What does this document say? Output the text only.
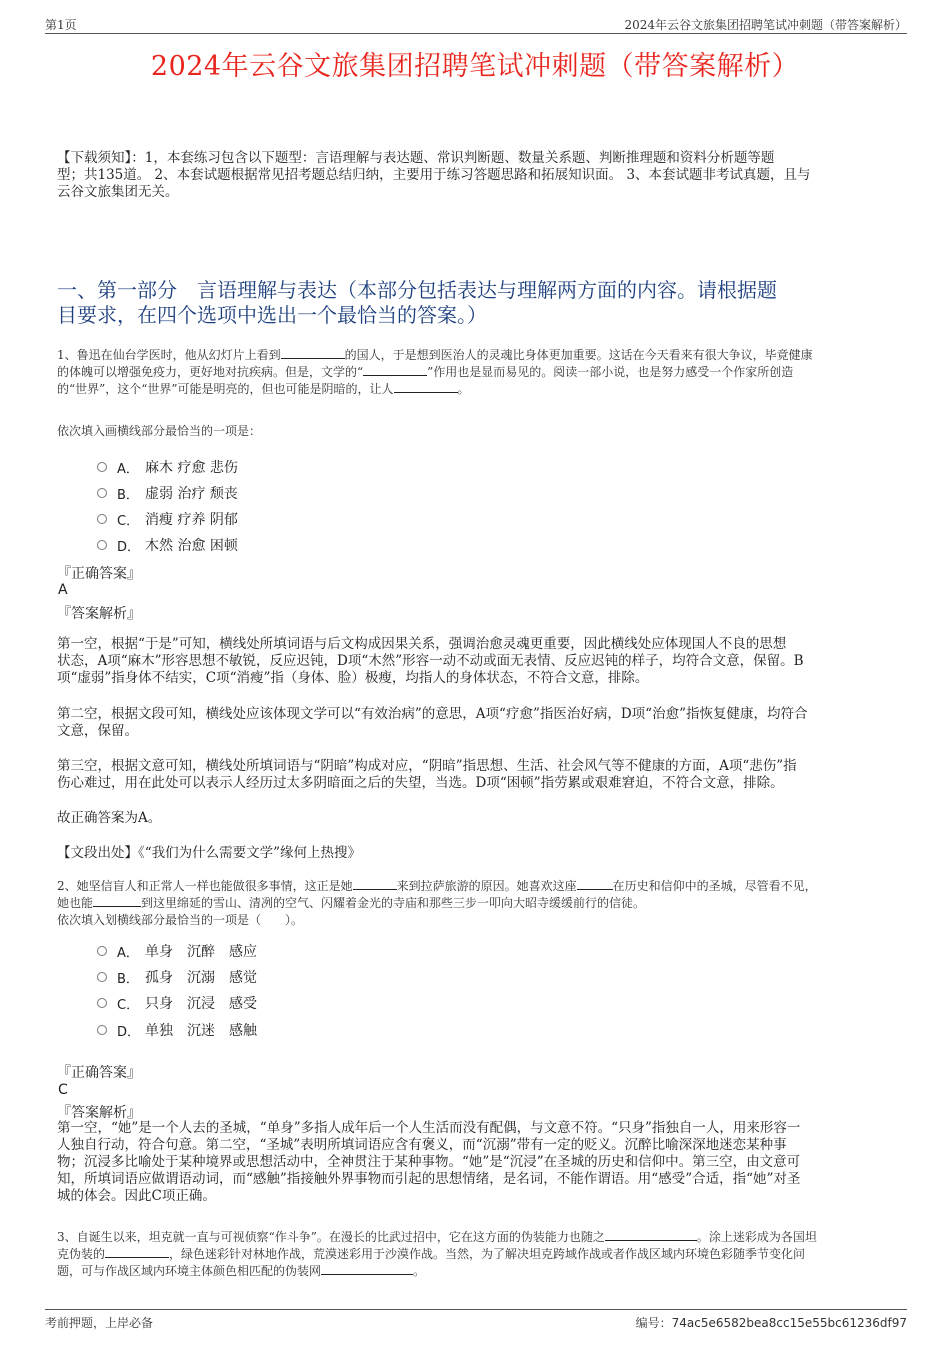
第1页	2024年云谷文旅集团招聘笔试冲刺题（带答案解析）
2024年云谷文旅集团招聘笔试冲刺题（带答案解析）
【下载须知】：1，本套练习包含以下题型：言语理解与表达题、常识判断题、数量关系题、判断推理题和资料分析题等题
型；共135道。 2、本套试题根据常见招考题总结归纳，主要用于练习答题思路和拓展知识面。 3、本套试题非考试真题，且与
云谷文旅集团无关。
一、第一部分　言语理解与表达（本部分包括表达与理解两方面的内容。请根据题
目要求，在四个选项中选出一个最恰当的答案。）
1、鲁迅在仙台学医时，他从幻灯片上看到	的国人，于是想到医治人的灵魂比身体更加重要。这话在今天看来有很大争议，毕竟健康
的体魄可以增强免疫力，更好地对抗疾病。但是，文学的“	”作用也是显而易见的。阅读一部小说，也是努力感受一个作家所创造
的“世界”，这个“世界”可能是明亮的，但也可能是阴暗的，让人	。
依次填入画横线部分最恰当的一项是：
A． 麻木 疗愈 悲伤
B． 虚弱 治疗 颓丧
C． 消瘦 疗养 阴郁
D． 木然 治愈 困顿
『正确答案』
A
『答案解析』
第一空，根据“于是”可知，横线处所填词语与后文构成因果关系，强调治愈灵魂更重要，因此横线处应体现国人不良的思想
状态，A项“麻木”形容思想不敏锐，反应迟钝，D项“木然”形容一动不动或面无表情、反应迟钝的样子，均符合文意，保留。B
项“虚弱”指身体不结实，C项“消瘦”指（身体、脸）极瘦，均指人的身体状态，不符合文意，排除。
第二空，根据文段可知，横线处应该体现文学可以“有效治病”的意思，A项“疗愈”指医治好病，D项“治愈”指恢复健康，均符合
文意，保留。
第三空，根据文意可知，横线处所填词语与“阴暗”构成对应，“阴暗”指思想、生活、社会风气等不健康的方面，A项“悲伤”指
伤心难过，用在此处可以表示人经历过太多阴暗面之后的失望，当选。D项“困顿”指劳累或艰难窘迫，不符合文意，排除。
故正确答案为A。
【文段出处】《“我们为什么需要文学”缘何上热搜》
2、她坚信盲人和正常人一样也能做很多事情，这正是她	来到拉萨旅游的原因。她喜欢这座	在历史和信仰中的圣城，尽管看不见，
她也能	到这里绵延的雪山、清冽的空气、闪耀着金光的寺庙和那些三步一叩向大昭寺缓缓前行的信徒。
依次填入划横线部分最恰当的一项是（　　）。
A． 单身　沉醉　感应
B． 孤身　沉溺　感觉
C． 只身　沉浸　感受
D． 单独　沉迷　感触
『正确答案』
C
『答案解析』
第一空，“她”是一个人去的圣城，“单身”多指人成年后一个人生活而没有配偶，与文意不符。“只身”指独自一人，用来形容一
人独自行动，符合句意。第二空，“圣城”表明所填词语应含有褒义，而“沉溺”带有一定的贬义。沉醉比喻深深地迷恋某种事
物；沉浸多比喻处于某种境界或思想活动中，全神贯注于某种事物。“她”是“沉浸”在圣城的历史和信仰中。第三空，由文意可
知，所填词语应做谓语动词，而“感触”指接触外界事物而引起的思想情绪，是名词，不能作谓语。用“感受”合适，指“她”对圣
城的体会。因此C项正确。
3、自诞生以来，坦克就一直与可视侦察“作斗争”。在漫长的比武过招中，它在这方面的伪装能力也随之	。涂上迷彩成为各国坦
克伪装的	，绿色迷彩针对林地作战，荒漠迷彩用于沙漠作战。当然，为了解决坦克跨域作战或者作战区域内环境色彩随季节变化问
题，可与作战区域内环境主体颜色相匹配的伪装网	。
考前押题，上岸必备	编号：74ac5e6582bea8cc15e55bc61236df97
